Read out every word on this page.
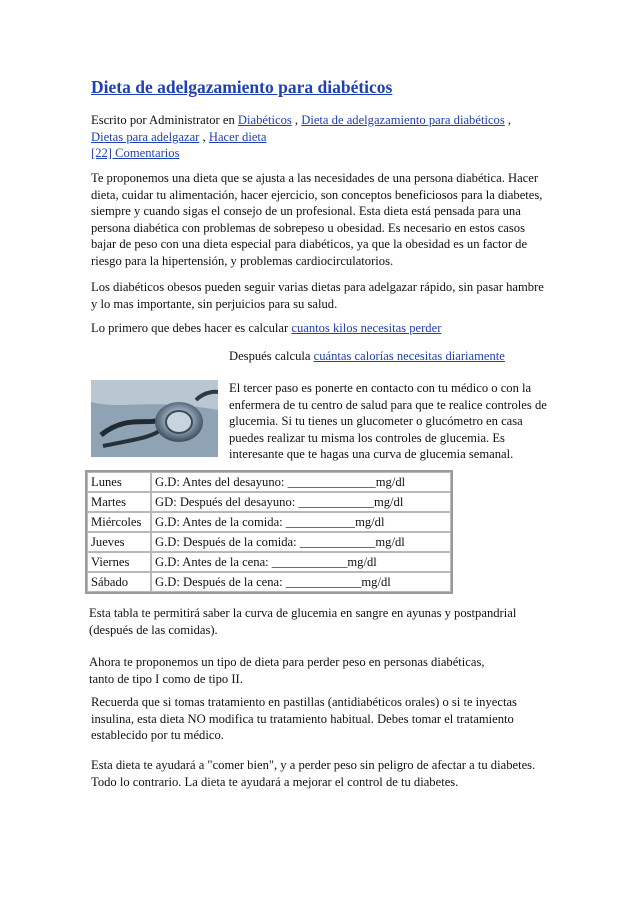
Dieta de adelgazamiento para diabéticos
Escrito por Administrator en Diabéticos , Dieta de adelgazamiento para diabéticos ,
Dietas para adelgazar , Hacer dieta
[22] Comentarios

Te proponemos una dieta que se ajusta a las necesidades de una persona diabética. Hacer dieta, cuidar tu alimentación, hacer ejercicio, son conceptos beneficiosos para la diabetes, siempre y cuando sigas el consejo de un profesional. Esta dieta está pensada para una persona diabética con problemas de sobrepeso u obesidad. Es necesario en estos casos bajar de peso con una dieta especial para diabéticos, ya que la obesidad es un factor de riesgo para la hipertensión, y problemas cardiocirculatorios.

Los diabéticos obesos pueden seguir varias dietas para adelgazar rápido, sin pasar hambre y lo mas importante, sin perjuicios para su salud.

Lo primero que debes hacer es calcular cuantos kilos necesitas perder

Después calcula cuántas calorías necesitas diariamente

El tercer paso es ponerte en contacto con tu médico o con la enfermera de tu centro de salud para que te realice controles de glucemia. Si tu tienes un glucometer o glucómetro en casa puedes realizar tu misma los controles de glucemia. Es interesante que te hagas una curva de glucemia semanal.

Lunes	G.D: Antes del desayuno: ______________mg/dl
Martes	GD: Después del desayuno: ____________mg/dl
Miércoles	G.D: Antes de la comida: ___________mg/dl
Jueves	G.D: Después de la comida: ____________mg/dl
Viernes	G.D: Antes de la cena: ____________mg/dl
Sábado	G.D: Después de la cena: ____________mg/dl

Esta tabla te permitirá saber la curva de glucemia en sangre en ayunas y postpandrial (después de las comidas).

Ahora te proponemos un tipo de dieta para perder peso en personas diabéticas,
tanto de tipo I como de tipo II.

Recuerda que si tomas tratamiento en pastillas (antidiabéticos orales) o si te inyectas insulina, esta dieta NO modifica tu tratamiento habitual. Debes tomar el tratamiento establecido por tu médico.

Esta dieta te ayudará a "comer bien", y a perder peso sin peligro de afectar a tu diabetes. Todo lo contrario. La dieta te ayudará a mejorar el control de tu diabetes.
